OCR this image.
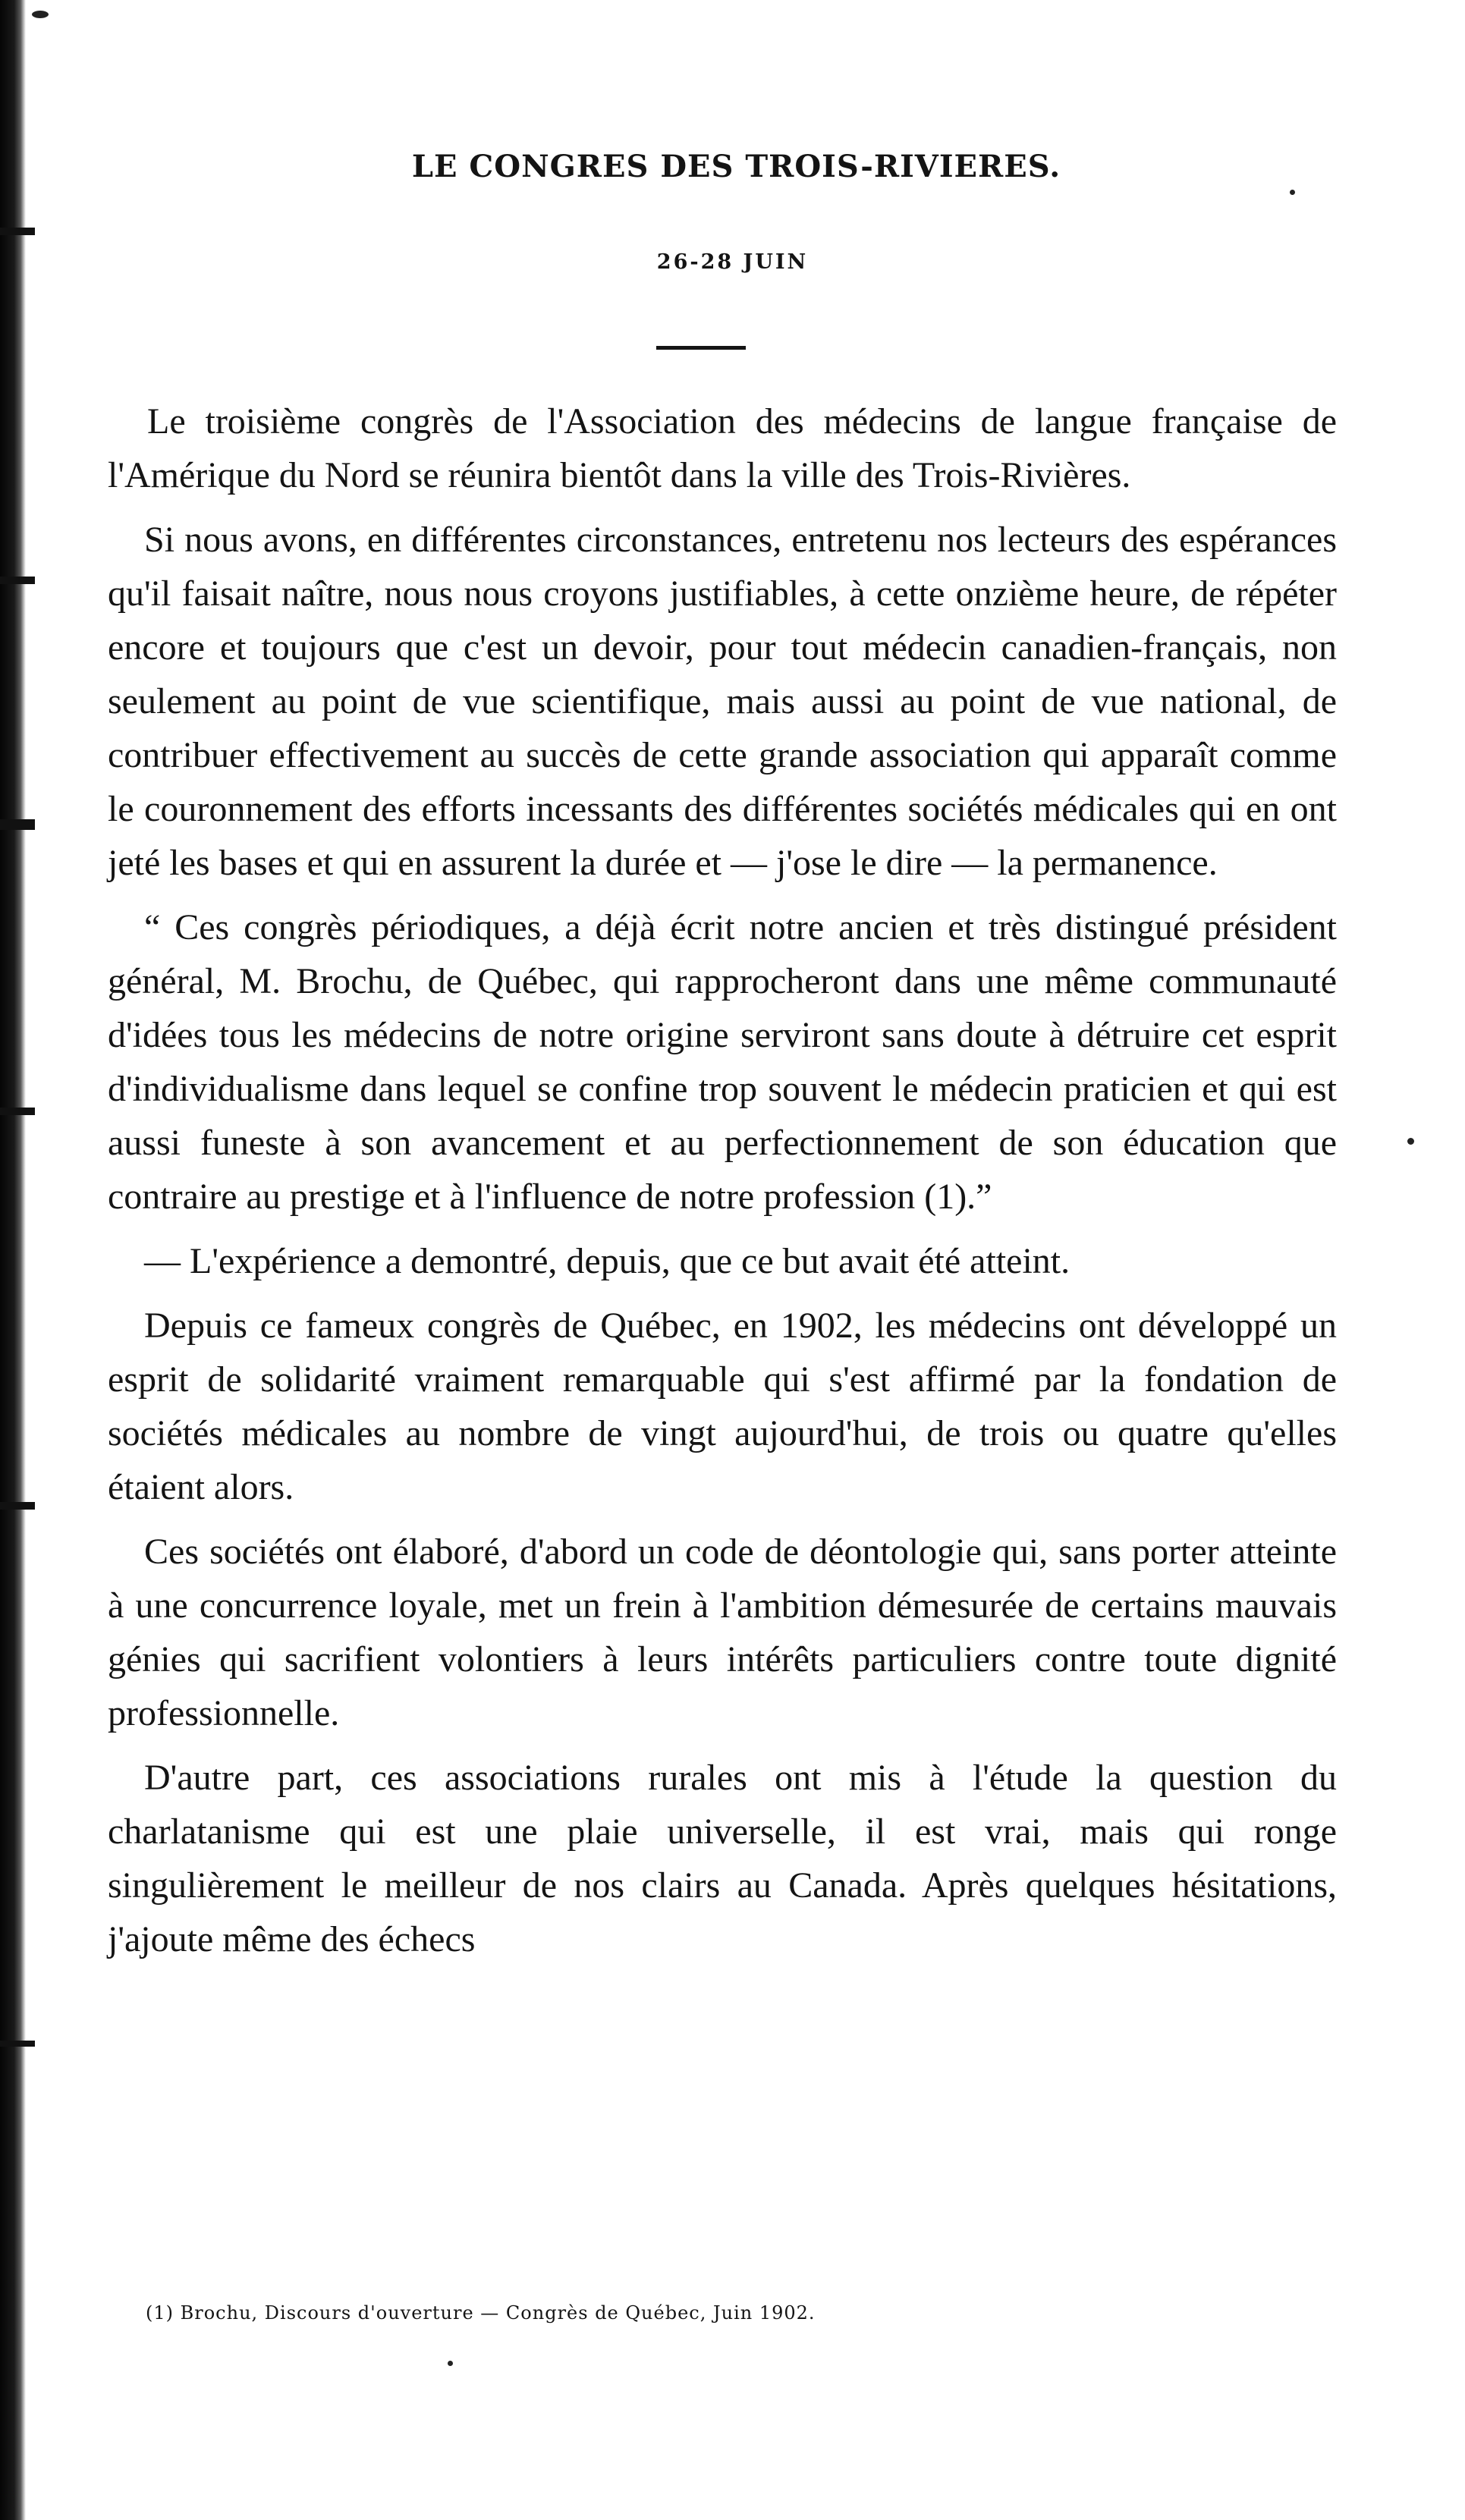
LE CONGRES DES TROIS-RIVIERES.
26-28 JUIN

Le troisième congrès de l'Association des médecins de langue française de l'Amérique du Nord se réunira bientôt dans la ville des Trois-Rivières.

Si nous avons, en différentes circonstances, entretenu nos lecteurs des espérances qu'il faisait naître, nous nous croyons justifiables, à cette onzième heure, de répéter encore et toujours que c'est un devoir, pour tout médecin canadien-français, non seulement au point de vue scientifique, mais aussi au point de vue national, de contribuer effectivement au succès de cette grande association qui apparaît comme le couronnement des efforts incessants des différentes sociétés médicales qui en ont jeté les bases et qui en assurent la durée et — j'ose le dire — la permanence.

“ Ces congrès périodiques, a déjà écrit notre ancien et très distingué président général, M. Brochu, de Québec, qui rapprocheront dans une même communauté d'idées tous les médecins de notre origine serviront sans doute à détruire cet esprit d'individualisme dans lequel se confine trop souvent le médecin praticien et qui est aussi funeste à son avancement et au perfectionnement de son éducation que contraire au prestige et à l'influence de notre profession (1).”

— L'expérience a demontré, depuis, que ce but avait été atteint.

Depuis ce fameux congrès de Québec, en 1902, les médecins ont développé un esprit de solidarité vraiment remarquable qui s'est affirmé par la fondation de sociétés médicales au nombre de vingt aujourd'hui, de trois ou quatre qu'elles étaient alors.

Ces sociétés ont élaboré, d'abord un code de déontologie qui, sans porter atteinte à une concurrence loyale, met un frein à l'ambition démesurée de certains mauvais génies qui sacrifient volontiers à leurs intérêts particuliers contre toute dignité professionnelle.

D'autre part, ces associations rurales ont mis à l'étude la question du charlatanisme qui est une plaie universelle, il est vrai, mais qui ronge singulièrement le meilleur de nos clairs au Canada. Après quelques hésitations, j'ajoute même des échecs

(1) Brochu, Discours d'ouverture — Congrès de Québec, Juin 1902.
